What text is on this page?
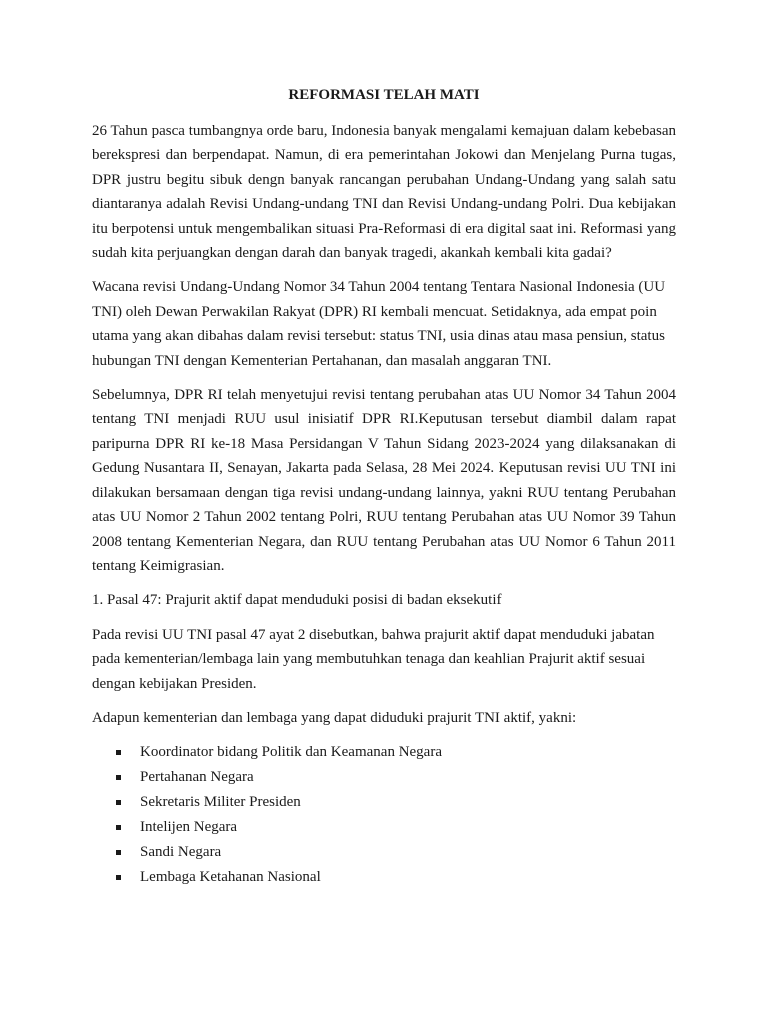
REFORMASI TELAH MATI

26 Tahun pasca tumbangnya orde baru, Indonesia banyak mengalami kemajuan dalam kebebasan berekspresi dan berpendapat. Namun, di era pemerintahan Jokowi dan Menjelang Purna tugas, DPR justru begitu sibuk dengn banyak rancangan perubahan Undang-Undang yang salah satu diantaranya adalah Revisi Undang-undang TNI dan Revisi Undang-undang Polri. Dua kebijakan itu berpotensi untuk mengembalikan situasi Pra-Reformasi di era digital saat ini. Reformasi yang sudah kita perjuangkan dengan darah dan banyak tragedi, akankah kembali kita gadai?

Wacana revisi Undang-Undang Nomor 34 Tahun 2004 tentang Tentara Nasional Indonesia (UU TNI) oleh Dewan Perwakilan Rakyat (DPR) RI kembali mencuat. Setidaknya, ada empat poin utama yang akan dibahas dalam revisi tersebut: status TNI, usia dinas atau masa pensiun, status hubungan TNI dengan Kementerian Pertahanan, dan masalah anggaran TNI.

Sebelumnya, DPR RI telah menyetujui revisi tentang perubahan atas UU Nomor 34 Tahun 2004 tentang TNI menjadi RUU usul inisiatif DPR RI.Keputusan tersebut diambil dalam rapat paripurna DPR RI ke-18 Masa Persidangan V Tahun Sidang 2023-2024 yang dilaksanakan di Gedung Nusantara II, Senayan, Jakarta pada Selasa, 28 Mei 2024. Keputusan revisi UU TNI ini dilakukan bersamaan dengan tiga revisi undang-undang lainnya, yakni RUU tentang Perubahan atas UU Nomor 2 Tahun 2002 tentang Polri, RUU tentang Perubahan atas UU Nomor 39 Tahun 2008 tentang Kementerian Negara, dan RUU tentang Perubahan atas UU Nomor 6 Tahun 2011 tentang Keimigrasian.

1. Pasal 47: Prajurit aktif dapat menduduki posisi di badan eksekutif

Pada revisi UU TNI pasal 47 ayat 2 disebutkan, bahwa prajurit aktif dapat menduduki jabatan pada kementerian/lembaga lain yang membutuhkan tenaga dan keahlian Prajurit aktif sesuai dengan kebijakan Presiden.

Adapun kementerian dan lembaga yang dapat diduduki prajurit TNI aktif, yakni:

Koordinator bidang Politik dan Keamanan Negara
Pertahanan Negara
Sekretaris Militer Presiden
Intelijen Negara
Sandi Negara
Lembaga Ketahanan Nasional
